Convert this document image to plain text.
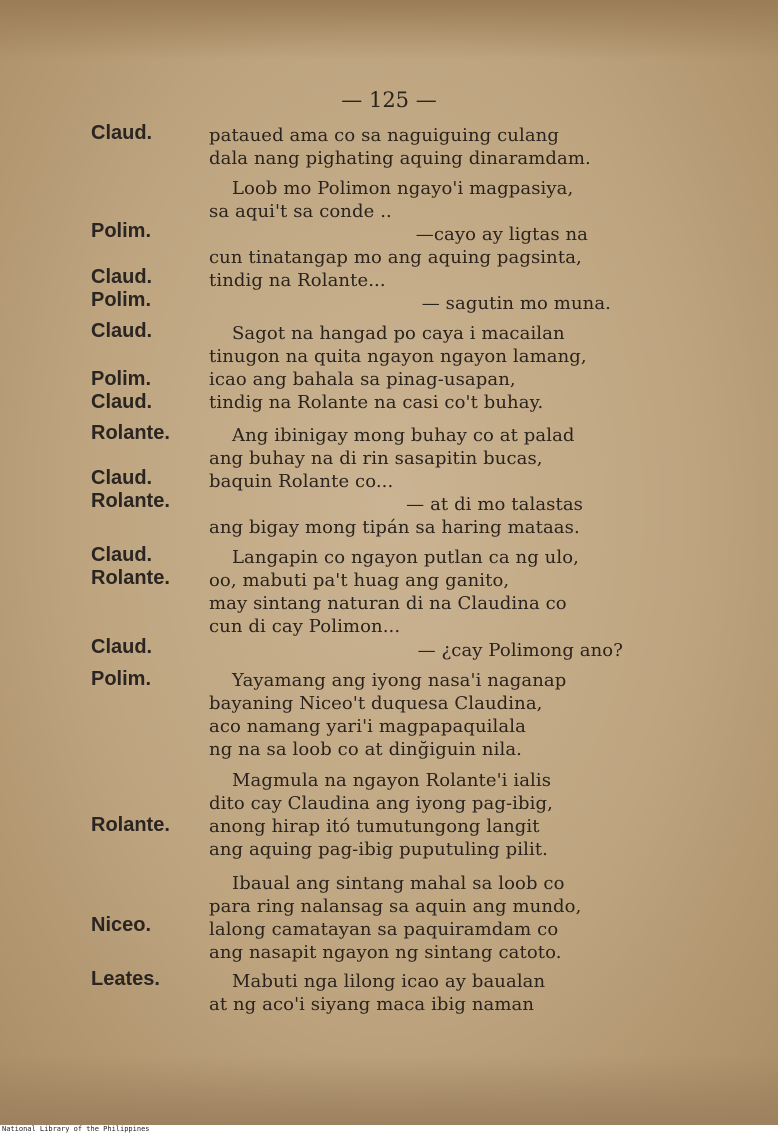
— 125 —
Claud.
Polim.
Claud.
Polim.
Claud.
Polim.
Claud.
Rolante.
Claud.
Rolante.
Claud.
Rolante.
Claud.
Polim.
Rolante.
Niceo.
Leates.
pataued ama co sa naguiguing culang
dala nang pighating aquing dinaramdam.
Loob mo Polimon ngayo'i magpasiya,
sa aqui't sa conde ..
—cayo ay ligtas na
cun tinatangap mo ang aquing pagsinta,
tindig na Rolante...
— sagutin mo muna.
Sagot na hangad po caya i macailan
tinugon na quita ngayon ngayon lamang,
icao ang bahala sa pinag-usapan,
tindig na Rolante na casi co't buhay.
Ang ibinigay mong buhay co at palad
ang buhay na di rin sasapitin bucas,
baquin Rolante co...
— at di mo talastas
ang bigay mong tipán sa haring mataas.
Langapin co ngayon putlan ca ng ulo,
oo, mabuti pa't huag ang ganito,
may sintang naturan di na Claudina co
cun di cay Polimon...
— ¿cay Polimong ano?
Yayamang ang iyong nasa'i naganap
bayaning Niceo't duquesa Claudina,
aco namang yari'i magpapaquilala
ng na sa loob co at dinğiguin nila.
Magmula na ngayon Rolante'i ialis
dito cay Claudina ang iyong pag-ibig,
anong hirap itó tumutungong langit
ang aquing pag-ibig puputuling pilit.
Ibaual ang sintang mahal sa loob co
para ring nalansag sa aquin ang mundo,
lalong camatayan sa paquiramdam co
ang nasapit ngayon ng sintang catoto.
Mabuti nga lilong icao ay baualan
at ng aco'i siyang maca ibig naman
National Library of the Philippines
